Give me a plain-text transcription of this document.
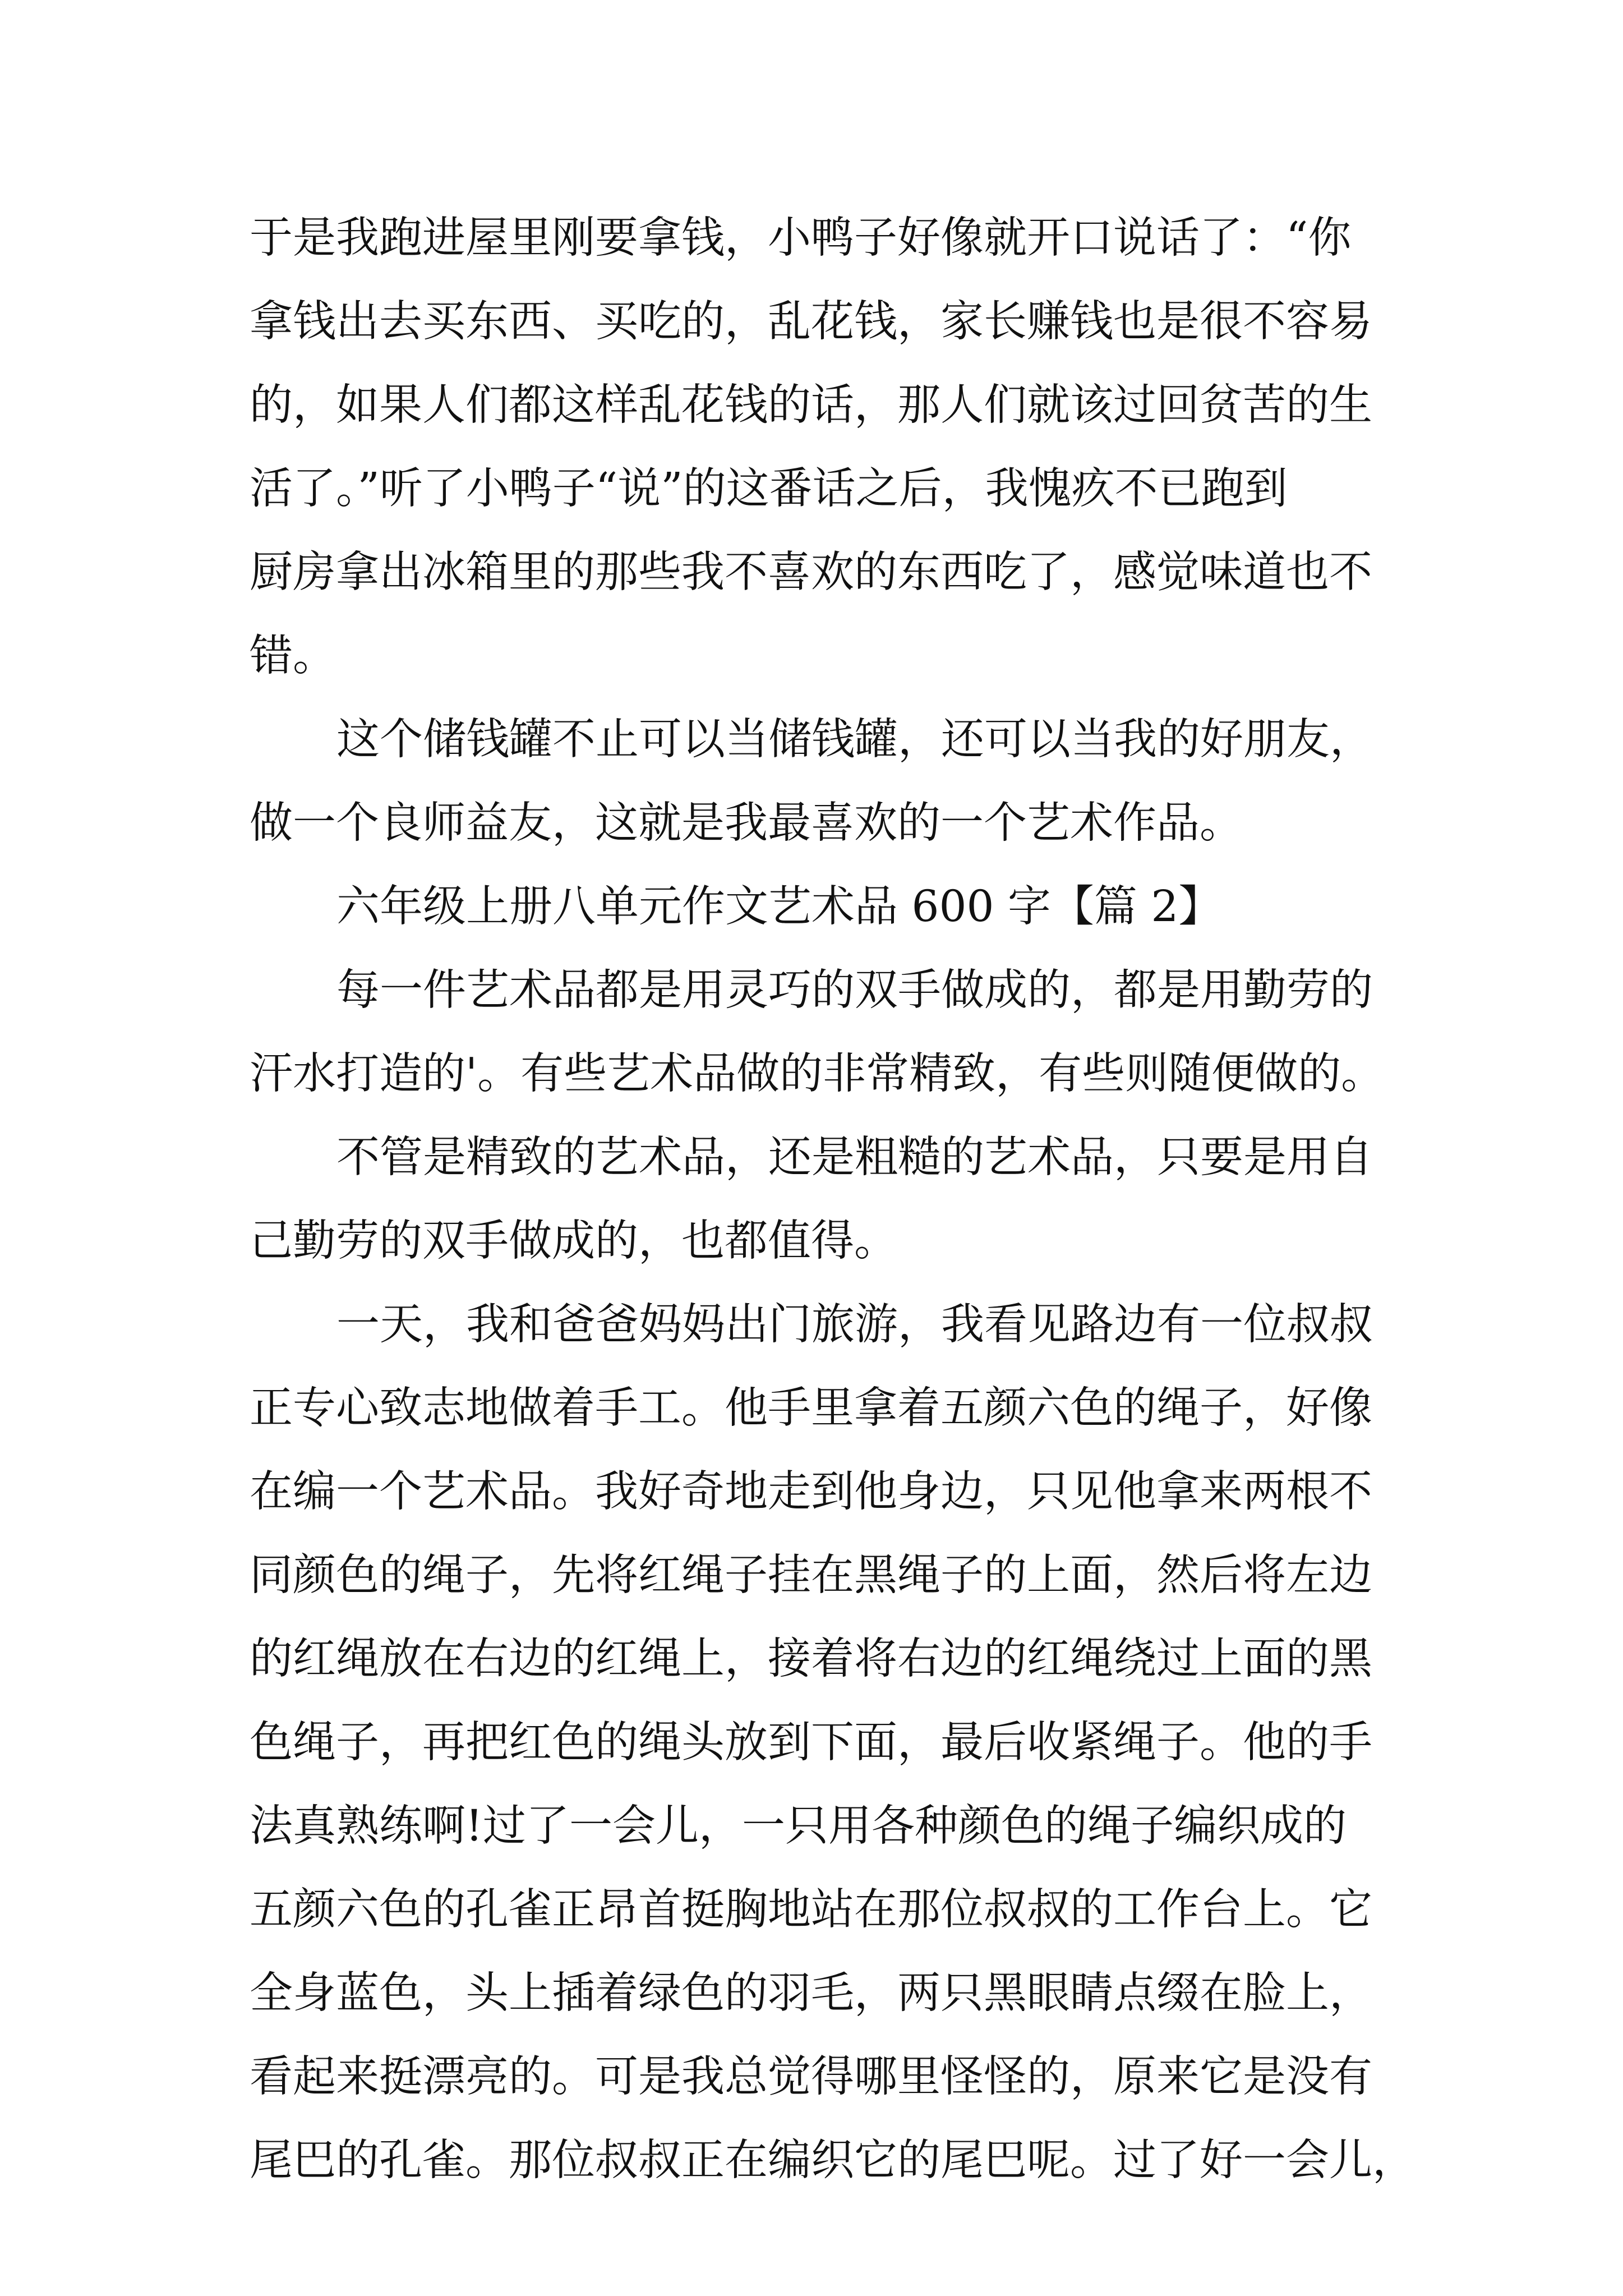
于是我跑进屋里刚要拿钱，小鸭子好像就开口说话了：“你
拿钱出去买东西、买吃的，乱花钱，家长赚钱也是很不容易
的，如果人们都这样乱花钱的话，那人们就该过回贫苦的生
活了。”听了小鸭子“说”的这番话之后，我愧疚不已跑到
厨房拿出冰箱里的那些我不喜欢的东西吃了，感觉味道也不
错。
这个储钱罐不止可以当储钱罐，还可以当我的好朋友，
做一个良师益友，这就是我最喜欢的一个艺术作品。
六年级上册八单元作文艺术品 600 字【篇 2】
每一件艺术品都是用灵巧的双手做成的，都是用勤劳的
汗水打造的'。有些艺术品做的非常精致，有些则随便做的。
不管是精致的艺术品，还是粗糙的艺术品，只要是用自
己勤劳的双手做成的，也都值得。
一天，我和爸爸妈妈出门旅游，我看见路边有一位叔叔
正专心致志地做着手工。他手里拿着五颜六色的绳子，好像
在编一个艺术品。我好奇地走到他身边，只见他拿来两根不
同颜色的绳子，先将红绳子挂在黑绳子的上面，然后将左边
的红绳放在右边的红绳上，接着将右边的红绳绕过上面的黑
色绳子，再把红色的绳头放到下面，最后收紧绳子。他的手
法真熟练啊!过了一会儿，一只用各种颜色的绳子编织成的
五颜六色的孔雀正昂首挺胸地站在那位叔叔的工作台上。它
全身蓝色，头上插着绿色的羽毛，两只黑眼睛点缀在脸上，
看起来挺漂亮的。可是我总觉得哪里怪怪的，原来它是没有
尾巴的孔雀。那位叔叔正在编织它的尾巴呢。过了好一会儿，
